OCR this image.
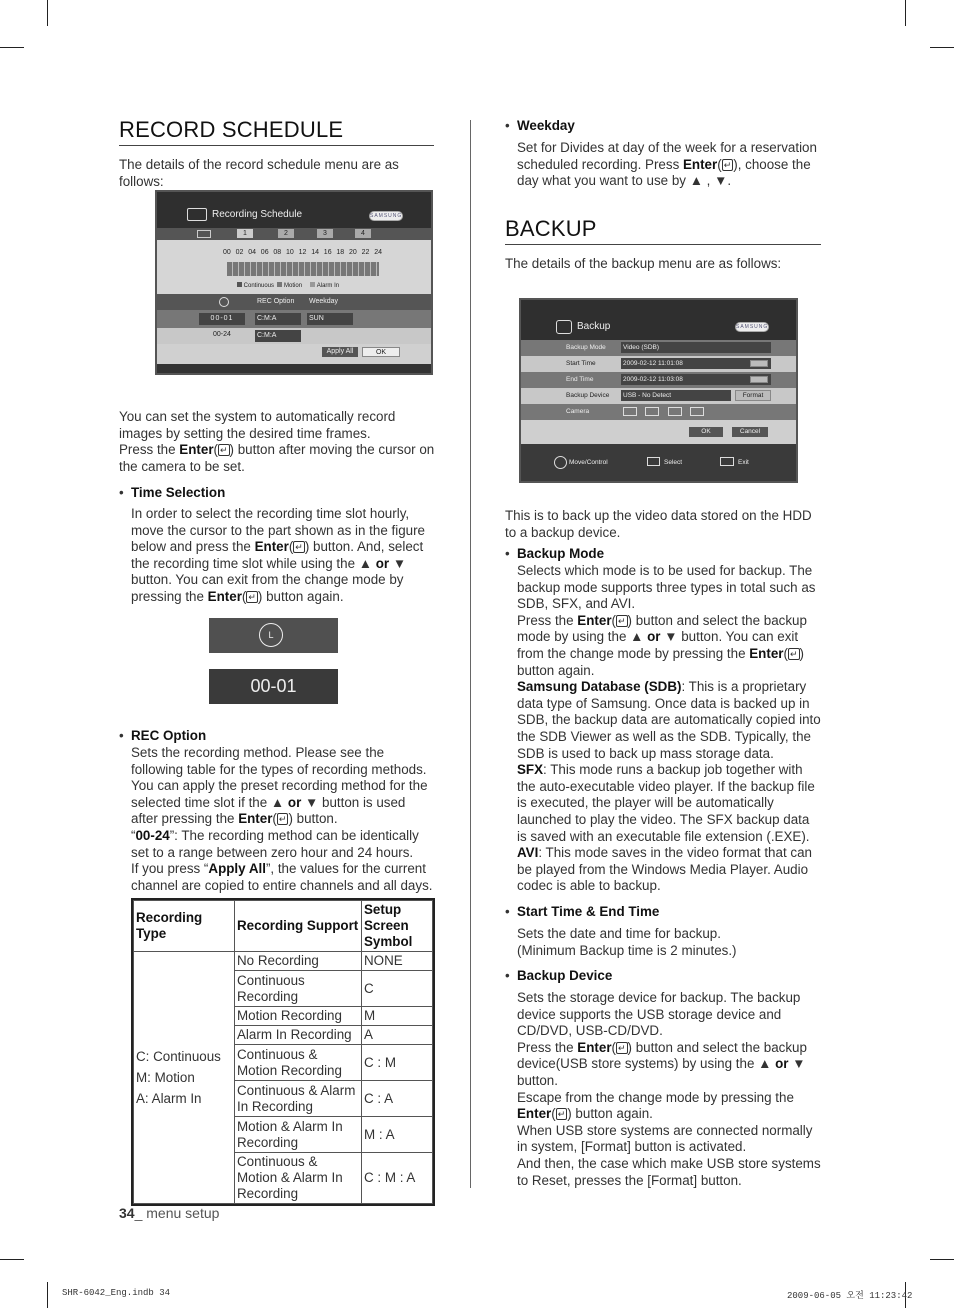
RECORD SCHEDULE
The details of the record schedule menu are as follows:
Recording Schedule	SAMSUNG
1	2	3	4
00 02 04 06 08 10 12 14 16 18 20 22 24
Continuous Motion Alarm In
REC Option Weekday
00-01	C:M:A	SUN
00-24	C:M:A
Apply All	OK
You can set the system to automatically record images by setting the desired time frames.
Press the Enter( ↵ ) button after moving the cursor on the camera to be set.
• Time Selection
In order to select the recording time slot hourly, move the cursor to the part shown as in the figure below and press the Enter( ↵ ) button. And, select the recording time slot while using the ▲ or ▼ button. You can exit from the change mode by pressing the Enter( ↵ ) button again.
L
00-01
• REC Option
Sets the recording method. Please see the following table for the types of recording methods.
You can apply the preset recording method for the selected time slot if the ▲ or ▼ button is used after pressing the Enter( ↵ ) button.
“00-24”: The recording method can be identically set to a range between zero hour and 24 hours.
If you press “Apply All”, the values for the current channel are copied to entire channels and all days.
Recording Type	Recording Support	Setup Screen Symbol

C: Continuous
M: Motion
A: Alarm In	No Recording	NONE
	Continuous Recording	C
	Motion Recording	M
	Alarm In Recording	A
	Continuous & Motion Recording	C : M
	Continuous & Alarm In Recording	C : A
	Motion & Alarm In Recording	M : A
	Continuous & Motion & Alarm In Recording	C : M : A
• Weekday
Set for Divides at day of the week for a reservation scheduled recording. Press Enter( ↵ ), choose the day what you want to use by ▲ , ▼.
BACKUP
The details of the backup menu are as follows:
Backup	SAMSUNG
Backup Mode	Video (SDB)
Start Time	2009-02-12 11:01:08
End Time	2009-02-12 11:03:08
Backup Device	USB - No Detect	Format
Camera
OK	Cancel
Move/Control	Select	Exit
This is to back up the video data stored on the HDD to a backup device.
• Backup Mode
Selects which mode is to be used for backup. The backup mode supports three types in total such as SDB, SFX, and AVI.
Press the Enter( ↵ ) button and select the backup mode by using the ▲ or ▼ button. You can exit from the change mode by pressing the Enter( ↵ ) button again.
Samsung Database (SDB): This is a proprietary data type of Samsung. Once data is backed up in SDB, the backup data are automatically copied into the SDB Viewer as well as the SDB. Typically, the SDB is used to back up mass storage data.
SFX: This mode runs a backup job together with the auto-executable video player. If the backup file is executed, the player will be automatically launched to play the video. The SFX backup data is saved with an executable file extension (.EXE).
AVI: This mode saves in the video format that can be played from the Windows Media Player. Audio codec is able to backup.
• Start Time & End Time
Sets the date and time for backup.
(Minimum Backup time is 2 minutes.)
• Backup Device
Sets the storage device for backup. The backup device supports the USB storage device and CD/DVD, USB-CD/DVD.
Press the Enter( ↵ ) button and select the backup device(USB store systems) by using the ▲ or ▼ button.
Escape from the change mode by pressing the Enter( ↵ ) button again.
When USB store systems are connected normally in system, [Format] button is activated.
And then, the case which make USB store systems to Reset, presses the [Format] button.
34_ menu setup
SHR-6042_Eng.indb 34	2009-06-05 오전 11:23:42
